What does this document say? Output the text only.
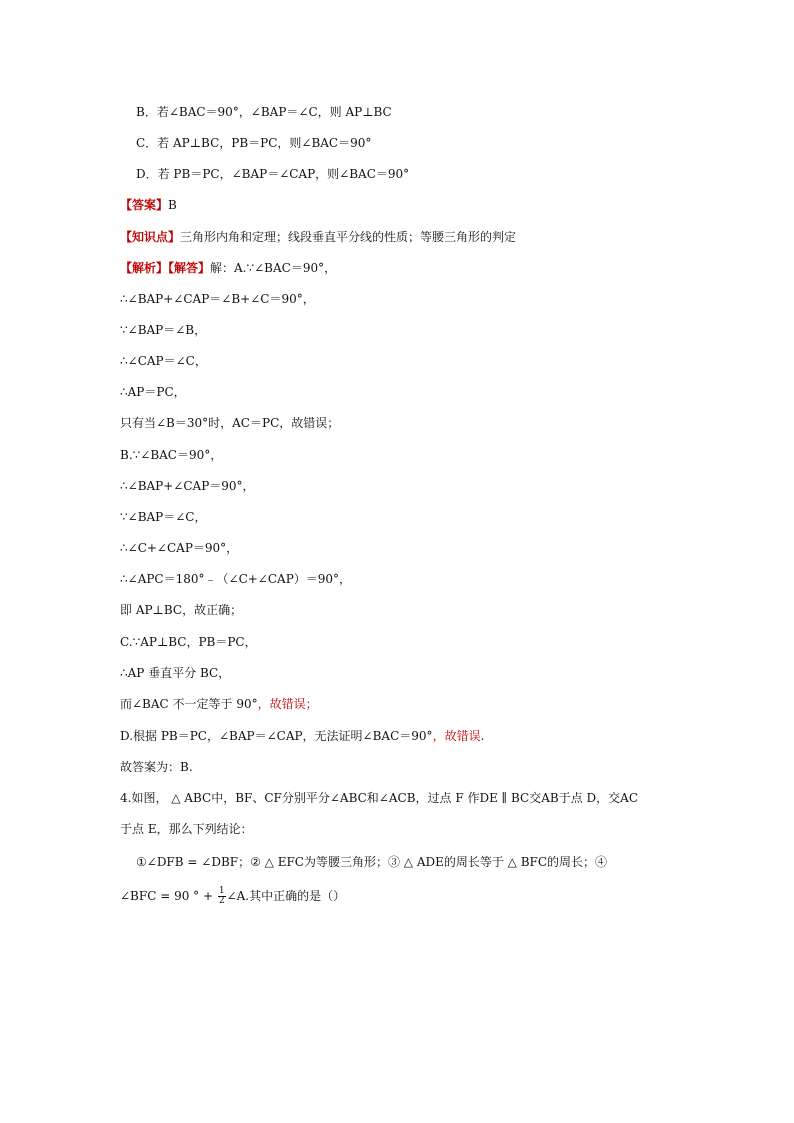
B．若∠BAC＝90°，∠BAP＝∠C，则 AP⊥BC
C．若 AP⊥BC，PB＝PC，则∠BAC＝90°
D．若 PB＝PC，∠BAP＝∠CAP，则∠BAC＝90°
【答案】B
【知识点】三角形内角和定理；线段垂直平分线的性质；等腰三角形的判定
【解析】【解答】解：A.∵∠BAC＝90°，
∴∠BAP+∠CAP＝∠B+∠C＝90°，
∵∠BAP＝∠B，
∴∠CAP＝∠C，
∴AP＝PC，
只有当∠B＝30°时，AC＝PC，故错误；
B.∵∠BAC＝90°，
∴∠BAP+∠CAP＝90°，
∵∠BAP＝∠C，
∴∠C+∠CAP＝90°，
∴∠APC＝180°﹣（∠C+∠CAP）＝90°，
即 AP⊥BC，故正确；
C.∵AP⊥BC，PB＝PC，
∴AP 垂直平分 BC，
而∠BAC 不一定等于 90°，故错误；
D.根据 PB＝PC，∠BAP＝∠CAP，无法证明∠BAC＝90°，故错误.
故答案为：B.
4.如图， △ ABC中，BF、CF分别平分∠ABC和∠ACB，过点 F 作DE ∥ BC交AB于点 D，交AC
于点 E，那么下列结论：
①∠DFB = ∠DBF；② △ EFC为等腰三角形；③ △ ADE的周长等于 △ BFC的周长；④
∠BFC = 90 ° + $\frac{1}{2}$ ∠A.其中正确的是（）
